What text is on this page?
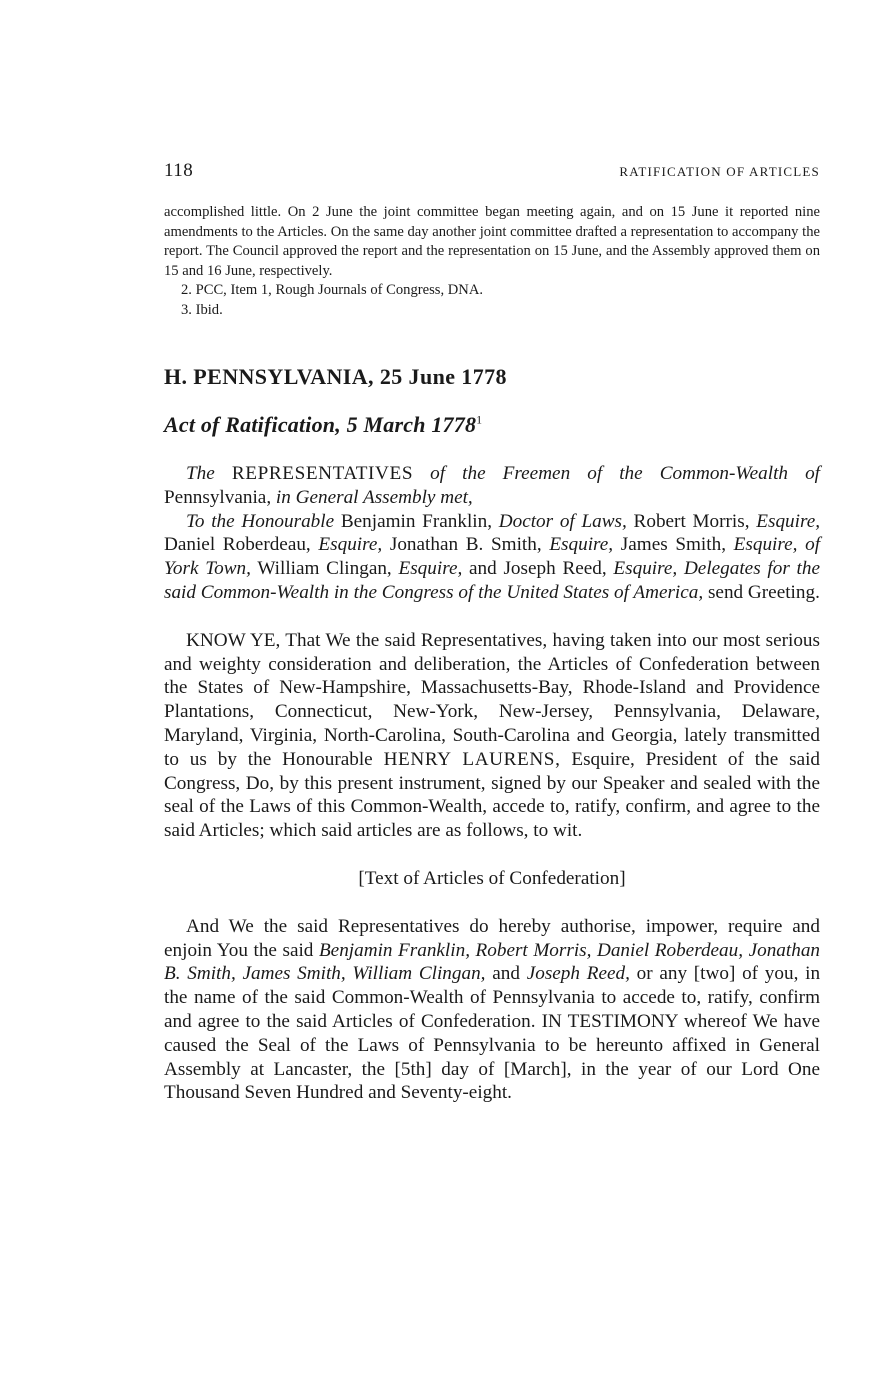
118	RATIFICATION OF ARTICLES

accomplished little. On 2 June the joint committee began meeting again, and on 15 June it reported nine amendments to the Articles. On the same day another joint committee drafted a representation to accompany the report. The Council approved the report and the representation on 15 June, and the Assembly approved them on 15 and 16 June, respectively.

2. PCC, Item 1, Rough Journals of Congress, DNA.

3. Ibid.

H. PENNSYLVANIA, 25 June 1778
Act of Ratification, 5 March 1778$^1$

The REPRESENTATIVES of the Freemen of the Common-Wealth of Pennsylvania, in General Assembly met,

To the Honourable Benjamin Franklin, Doctor of Laws, Robert Morris, Esquire, Daniel Roberdeau, Esquire, Jonathan B. Smith, Esquire, James Smith, Esquire, of York Town, William Clingan, Esquire, and Joseph Reed, Esquire, Delegates for the said Common-Wealth in the Congress of the United States of America, send Greeting.

KNOW YE, That We the said Representatives, having taken into our most serious and weighty consideration and deliberation, the Articles of Confederation between the States of New-Hampshire, Massachusetts-Bay, Rhode-Island and Providence Plantations, Connecticut, New-York, New-Jersey, Pennsylvania, Delaware, Maryland, Virginia, North-Carolina, South-Carolina and Georgia, lately transmitted to us by the Honourable HENRY LAURENS, Esquire, President of the said Congress, Do, by this present instrument, signed by our Speaker and sealed with the seal of the Laws of this Common-Wealth, accede to, ratify, confirm, and agree to the said Articles; which said articles are as follows, to wit.

[Text of Articles of Confederation]

And We the said Representatives do hereby authorise, impower, require and enjoin You the said Benjamin Franklin, Robert Morris, Daniel Roberdeau, Jonathan B. Smith, James Smith, William Clingan, and Joseph Reed, or any [two] of you, in the name of the said Common-Wealth of Pennsylvania to accede to, ratify, confirm and agree to the said Articles of Confederation. IN TESTIMONY whereof We have caused the Seal of the Laws of Pennsylvania to be hereunto affixed in General Assembly at Lancaster, the [5th] day of [March], in the year of our Lord One Thousand Seven Hundred and Seventy-eight.
